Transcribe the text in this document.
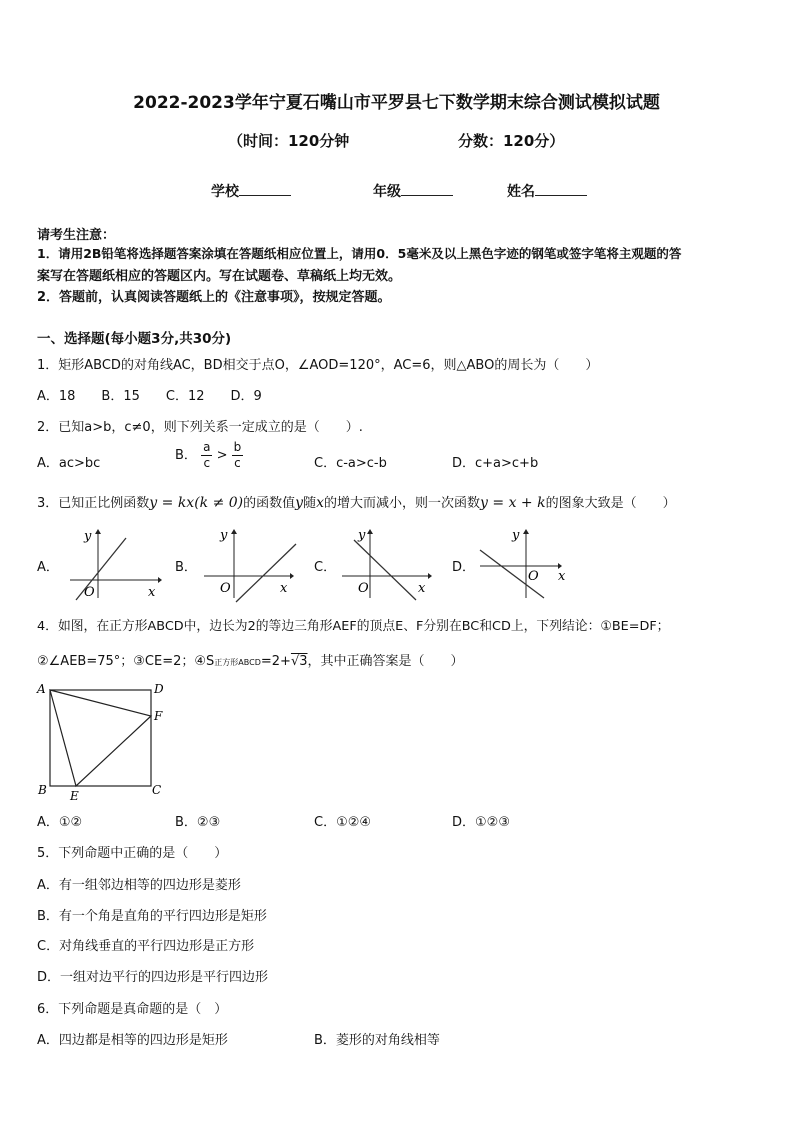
2022-2023学年宁夏石嘴山市平罗县七下数学期末综合测试模拟试题
（时间：120分钟	分数：120分）
学校	年级	姓名
请考生注意：
1．请用2B铅笔将选择题答案涂填在答题纸相应位置上，请用0．5毫米及以上黑色字迹的钢笔或签字笔将主观题的答
案写在答题纸相应的答题区内。写在试题卷、草稿纸上均无效。
2．答题前，认真阅读答题纸上的《注意事项》，按规定答题。
一、选择题(每小题3分,共30分)
1．矩形ABCD的对角线AC，BD相交于点O，∠AOD=120°，AC=6，则△ABO的周长为（　　）
A．18　　B．15　　C．12　　D．9
2．已知a>b，c≠0，则下列关系一定成立的是（　　）.
A．ac>bc
B． $\frac{a}{c} > \frac{b}{c}$	C．c-a>c-b	D．c+a>c+b
3．已知正比例函数y = kx(k ≠ 0)的函数值y随x的增大而减小，则一次函数y = x + k的图象大致是（　　）
A．
x
y
O
B．
x
y
O
C．
x
y
O
D．
x
y
O
4．如图，在正方形ABCD中，边长为2的等边三角形AEF的顶点E、F分别在BC和CD上，下列结论：①BE=DF；
②∠AEB=75°；③CE=2；④S正方形ABCD=2+√3，其中正确答案是（　　）
A	D
F
B E	C
A．①②	B．②③	C．①②④	D．①②③
5．下列命题中正确的是（　　）
A．有一组邻边相等的四边形是菱形
B．有一个角是直角的平行四边形是矩形
C．对角线垂直的平行四边形是正方形
D．一组对边平行的四边形是平行四边形
6．下列命题是真命题的是（　）
A．四边都是相等的四边形是矩形	B．菱形的对角线相等
